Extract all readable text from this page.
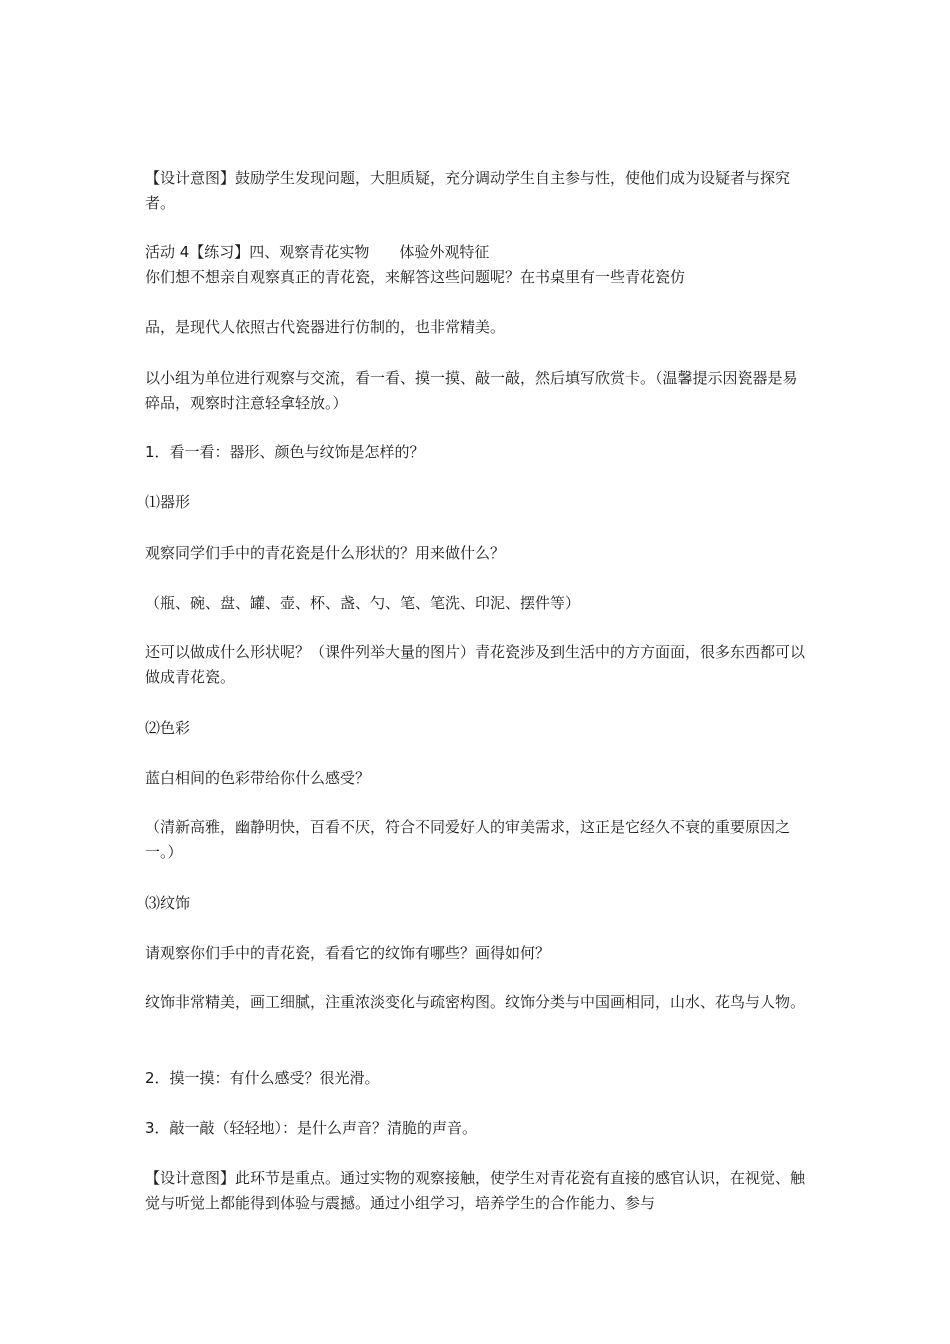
【设计意图】鼓励学生发现问题，大胆质疑，充分调动学生自主参与性，使他们成为设疑者与探究者。

活动 4【练习】四、观察青花实物　　体验外观特征

你们想不想亲自观察真正的青花瓷，来解答这些问题呢？在书桌里有一些青花瓷仿

品，是现代人依照古代瓷器进行仿制的，也非常精美。

以小组为单位进行观察与交流，看一看、摸一摸、敲一敲，然后填写欣赏卡。（温馨提示因瓷器是易碎品，观察时注意轻拿轻放。）

1．看一看：器形、颜色与纹饰是怎样的？

⑴器形

观察同学们手中的青花瓷是什么形状的？用来做什么？

（瓶、碗、盘、罐、壶、杯、盏、勺、笔、笔洗、印泥、摆件等）

还可以做成什么形状呢？（课件列举大量的图片）青花瓷涉及到生活中的方方面面，很多东西都可以做成青花瓷。

⑵色彩

蓝白相间的色彩带给你什么感受？

（清新高雅，幽静明快，百看不厌，符合不同爱好人的审美需求，这正是它经久不衰的重要原因之一。）

⑶纹饰

请观察你们手中的青花瓷，看看它的纹饰有哪些？画得如何？

纹饰非常精美，画工细腻，注重浓淡变化与疏密构图。纹饰分类与中国画相同，山水、花鸟与人物。

2．摸一摸：有什么感受？很光滑。

3．敲一敲（轻轻地）：是什么声音？清脆的声音。

【设计意图】此环节是重点。通过实物的观察接触，使学生对青花瓷有直接的感官认识，在视觉、触觉与听觉上都能得到体验与震撼。通过小组学习，培养学生的合作能力、参与
